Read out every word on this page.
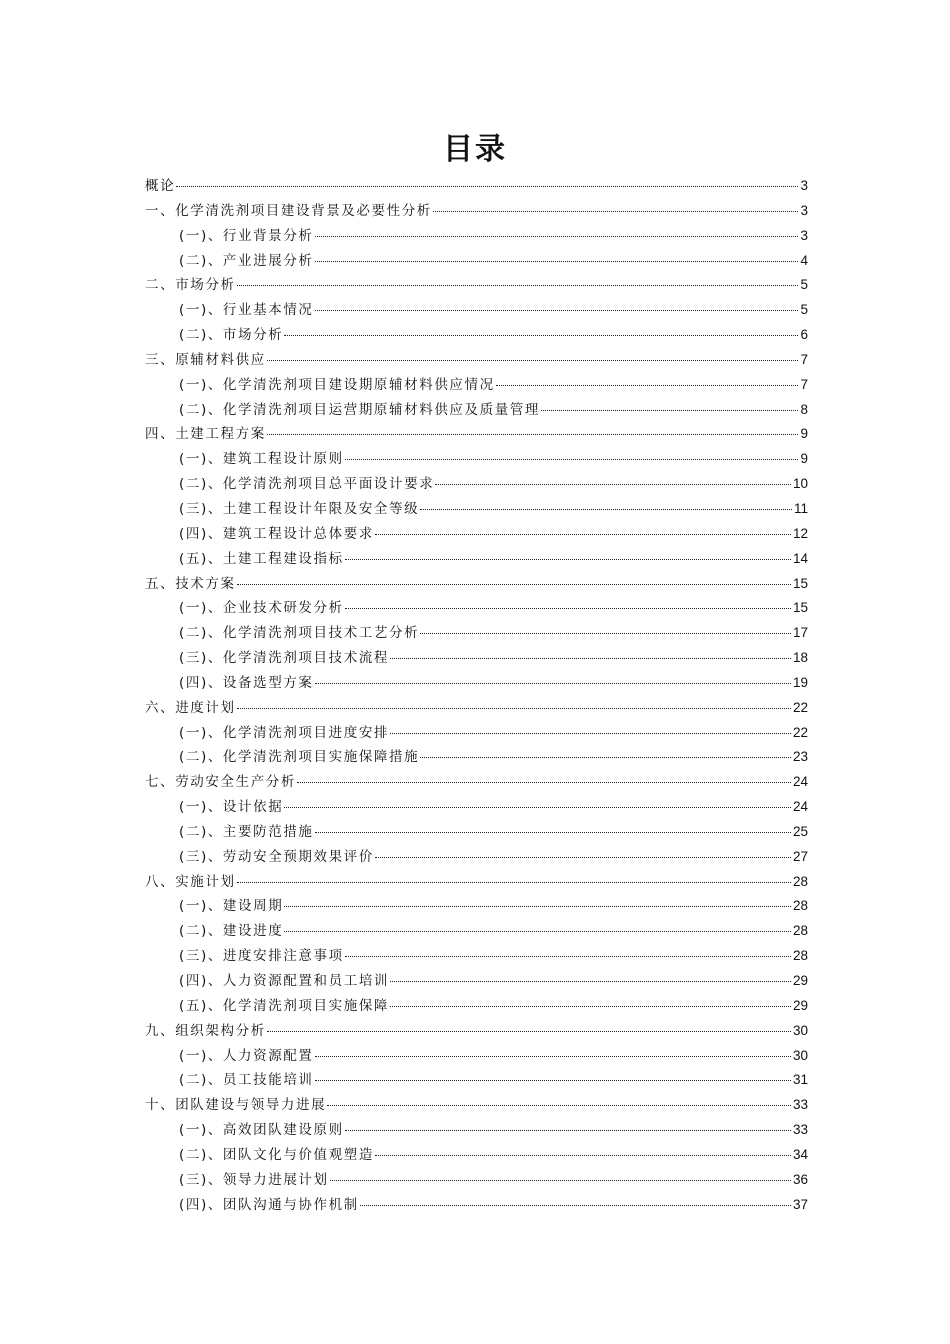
目录
概论	3
一、化学清洗剂项目建设背景及必要性分析	3
(一)、行业背景分析	3
(二)、产业进展分析	4
二、市场分析	5
(一)、行业基本情况	5
(二)、市场分析	6
三、原辅材料供应	7
(一)、化学清洗剂项目建设期原辅材料供应情况	7
(二)、化学清洗剂项目运营期原辅材料供应及质量管理	8
四、土建工程方案	9
(一)、建筑工程设计原则	9
(二)、化学清洗剂项目总平面设计要求	10
(三)、土建工程设计年限及安全等级	11
(四)、建筑工程设计总体要求	12
(五)、土建工程建设指标	14
五、技术方案	15
(一)、企业技术研发分析	15
(二)、化学清洗剂项目技术工艺分析	17
(三)、化学清洗剂项目技术流程	18
(四)、设备选型方案	19
六、进度计划	22
(一)、化学清洗剂项目进度安排	22
(二)、化学清洗剂项目实施保障措施	23
七、劳动安全生产分析	24
(一)、设计依据	24
(二)、主要防范措施	25
(三)、劳动安全预期效果评价	27
八、实施计划	28
(一)、建设周期	28
(二)、建设进度	28
(三)、进度安排注意事项	28
(四)、人力资源配置和员工培训	29
(五)、化学清洗剂项目实施保障	29
九、组织架构分析	30
(一)、人力资源配置	30
(二)、员工技能培训	31
十、团队建设与领导力进展	33
(一)、高效团队建设原则	33
(二)、团队文化与价值观塑造	34
(三)、领导力进展计划	36
(四)、团队沟通与协作机制	37
